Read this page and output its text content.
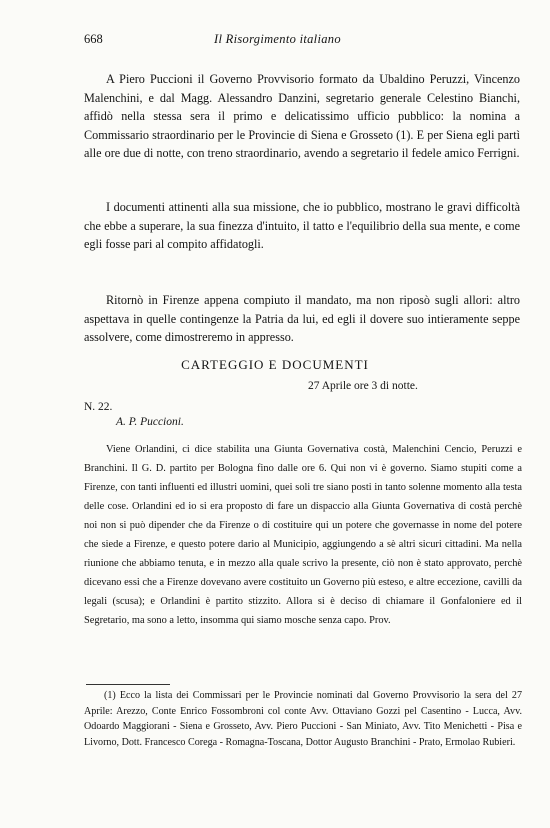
668	Il Risorgimento italiano

A Piero Puccioni il Governo Provvisorio formato da Ubaldino Peruzzi, Vincenzo Malenchini, e dal Magg. Alessandro Danzini, segretario generale Celestino Bianchi, affidò nella stessa sera il primo e delicatissimo ufficio pubblico: la nomina a Commissario straordinario per le Provincie di Siena e Grosseto (1). E per Siena egli partì alle ore due di notte, con treno straordinario, avendo a segretario il fedele amico Ferrigni.

I documenti attinenti alla sua missione, che io pubblico, mostrano le gravi difficoltà che ebbe a superare, la sua finezza d'intuito, il tatto e l'equilibrio della sua mente, e come egli fosse pari al compito affidatogli.

Ritornò in Firenze appena compiuto il mandato, ma non riposò sugli allori: altro aspettava in quelle contingenze la Patria da lui, ed egli il dovere suo intieramente seppe assolvere, come dimostreremo in appresso.

CARTEGGIO E DOCUMENTI
27 Aprile ore 3 di notte.
N. 22.
A. P. Puccioni.

Viene Orlandini, ci dice stabilita una Giunta Governativa costà, Malenchini Cencio, Peruzzi e Branchini. Il G. D. partito per Bologna fino dalle ore 6. Qui non vi è governo. Siamo stupiti come a Firenze, con tanti influenti ed illustri uomini, quei soli tre siano posti in tanto solenne momento alla testa delle cose. Orlandini ed io si era proposto di fare un dispaccio alla Giunta Governativa di costà perchè noi non si può dipender che da Firenze o di costituire qui un potere che governasse in nome del potere che siede a Firenze, e questo potere dario al Municipio, aggiungendo a sè altri sicuri cittadini. Ma nella riunione che abbiamo tenuta, e in mezzo alla quale scrivo la presente, ciò non è stato approvato, perchè dicevano essi che a Firenze dovevano avere costituito un Governo più esteso, e altre eccezione, cavilli da legali (scusa); e Orlandini è partito stizzito. Allora si è deciso di chiamare il Gonfaloniere ed il Segretario, ma sono a letto, insomma qui siamo mosche senza capo. Prov.

(1) Ecco la lista dei Commissari per le Provincie nominati dal Governo Provvisorio la sera del 27 Aprile: Arezzo, Conte Enrico Fossombroni col conte Avv. Ottaviano Gozzi pel Casentino - Lucca, Avv. Odoardo Maggiorani - Siena e Grosseto, Avv. Piero Puccioni - San Miniato, Avv. Tito Menichetti - Pisa e Livorno, Dott. Francesco Corega - Romagna-Toscana, Dottor Augusto Branchini - Prato, Ermolao Rubieri.
